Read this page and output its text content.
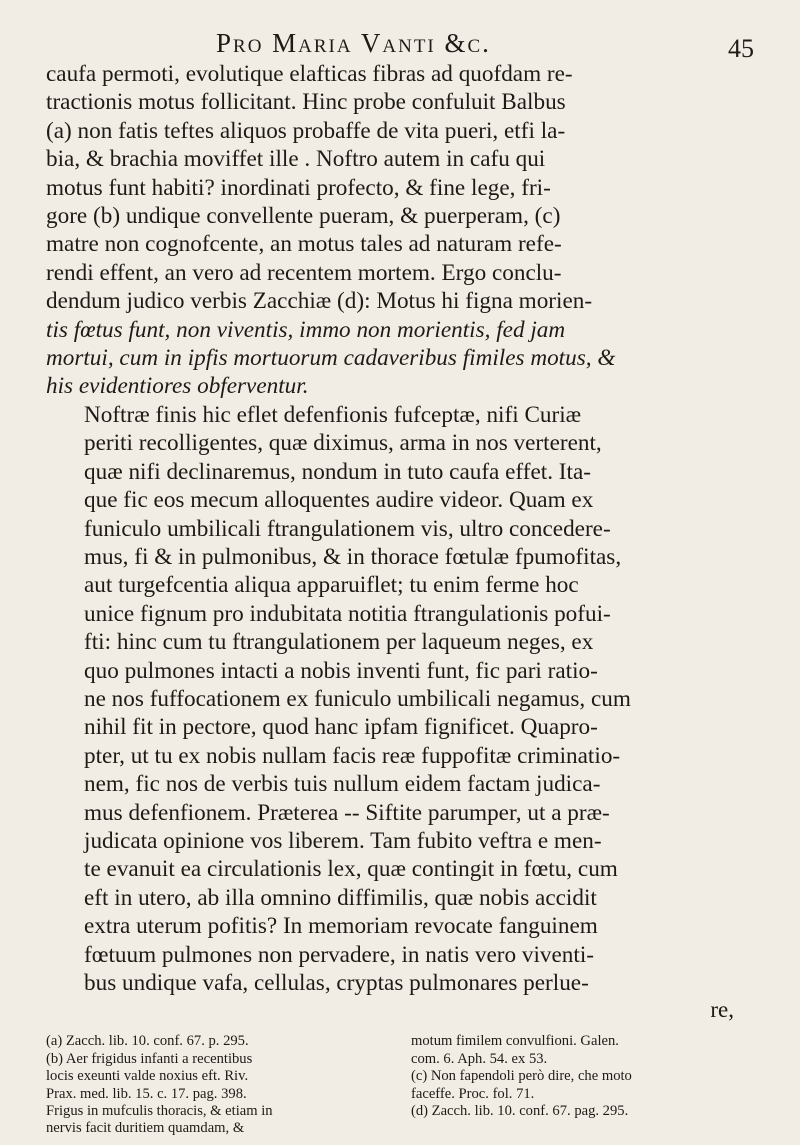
Pro Maria Vanti &c.	45

caufa permoti, evolutique elafticas fibras ad quofdam re-
tractionis motus follicitant. Hinc probe confuluit Balbus
(a) non fatis teftes aliquos probaffe de vita pueri, etfi la-
bia, & brachia moviffet ille . Noftro autem in cafu qui
motus funt habiti? inordinati profecto, & fine lege, fri-
gore (b) undique convellente pueram, & puerperam, (c)
matre non cognofcente, an motus tales ad naturam refe-
rendi effent, an vero ad recentem mortem. Ergo conclu-
dendum judico verbis Zacchiæ (d): Motus hi figna morien-
tis fœtus funt, non viventis, immo non morientis, fed jam
mortui, cum in ipfis mortuorum cadaveribus fimiles motus, &
his evidentiores obferventur.

Noftræ finis hic eflet defenfionis fufceptæ, nifi Curiæ
periti recolligentes, quæ diximus, arma in nos verterent,
quæ nifi declinaremus, nondum in tuto caufa effet. Ita-
que fic eos mecum alloquentes audire videor. Quam ex
funiculo umbilicali ftrangulationem vis, ultro concedere-
mus, fi & in pulmonibus, & in thorace fœtulæ fpumofitas,
aut turgefcentia aliqua apparuiflet; tu enim ferme hoc
unice fignum pro indubitata notitia ftrangulationis pofui-
fti: hinc cum tu ftrangulationem per laqueum neges, ex
quo pulmones intacti a nobis inventi funt, fic pari ratio-
ne nos fuffocationem ex funiculo umbilicali negamus, cum
nihil fit in pectore, quod hanc ipfam fignificet. Quapro-
pter, ut tu ex nobis nullam facis reæ fuppofitæ criminatio-
nem, fic nos de verbis tuis nullum eidem factam judica-
mus defenfionem. Præterea -- Siftite parumper, ut a præ-
judicata opinione vos liberem. Tam fubito veftra e men-
te evanuit ea circulationis lex, quæ contingit in fœtu, cum
eft in utero, ab illa omnino diffimilis, quæ nobis accidit
extra uterum pofitis? In memoriam revocate fanguinem
fœtuum pulmones non pervadere, in natis vero viventi-
bus undique vafa, cellulas, cryptas pulmonares perlue-

re,
(a) Zacch. lib. 10. conf. 67. p. 295.
(b) Aer frigidus infanti a recentibus
locis exeunti valde noxius eft. Riv.
Prax. med. lib. 15. c. 17. pag. 398.
Frigus in mufculis thoracis, & etiam in
nervis facit duritiem quamdam, &
motum fimilem convulfioni. Galen.
com. 6. Aph. 54. ex 53.
(c) Non fapendoli però dire, che moto
faceffe. Proc. fol. 71.
(d) Zacch. lib. 10. conf. 67. pag. 295.
